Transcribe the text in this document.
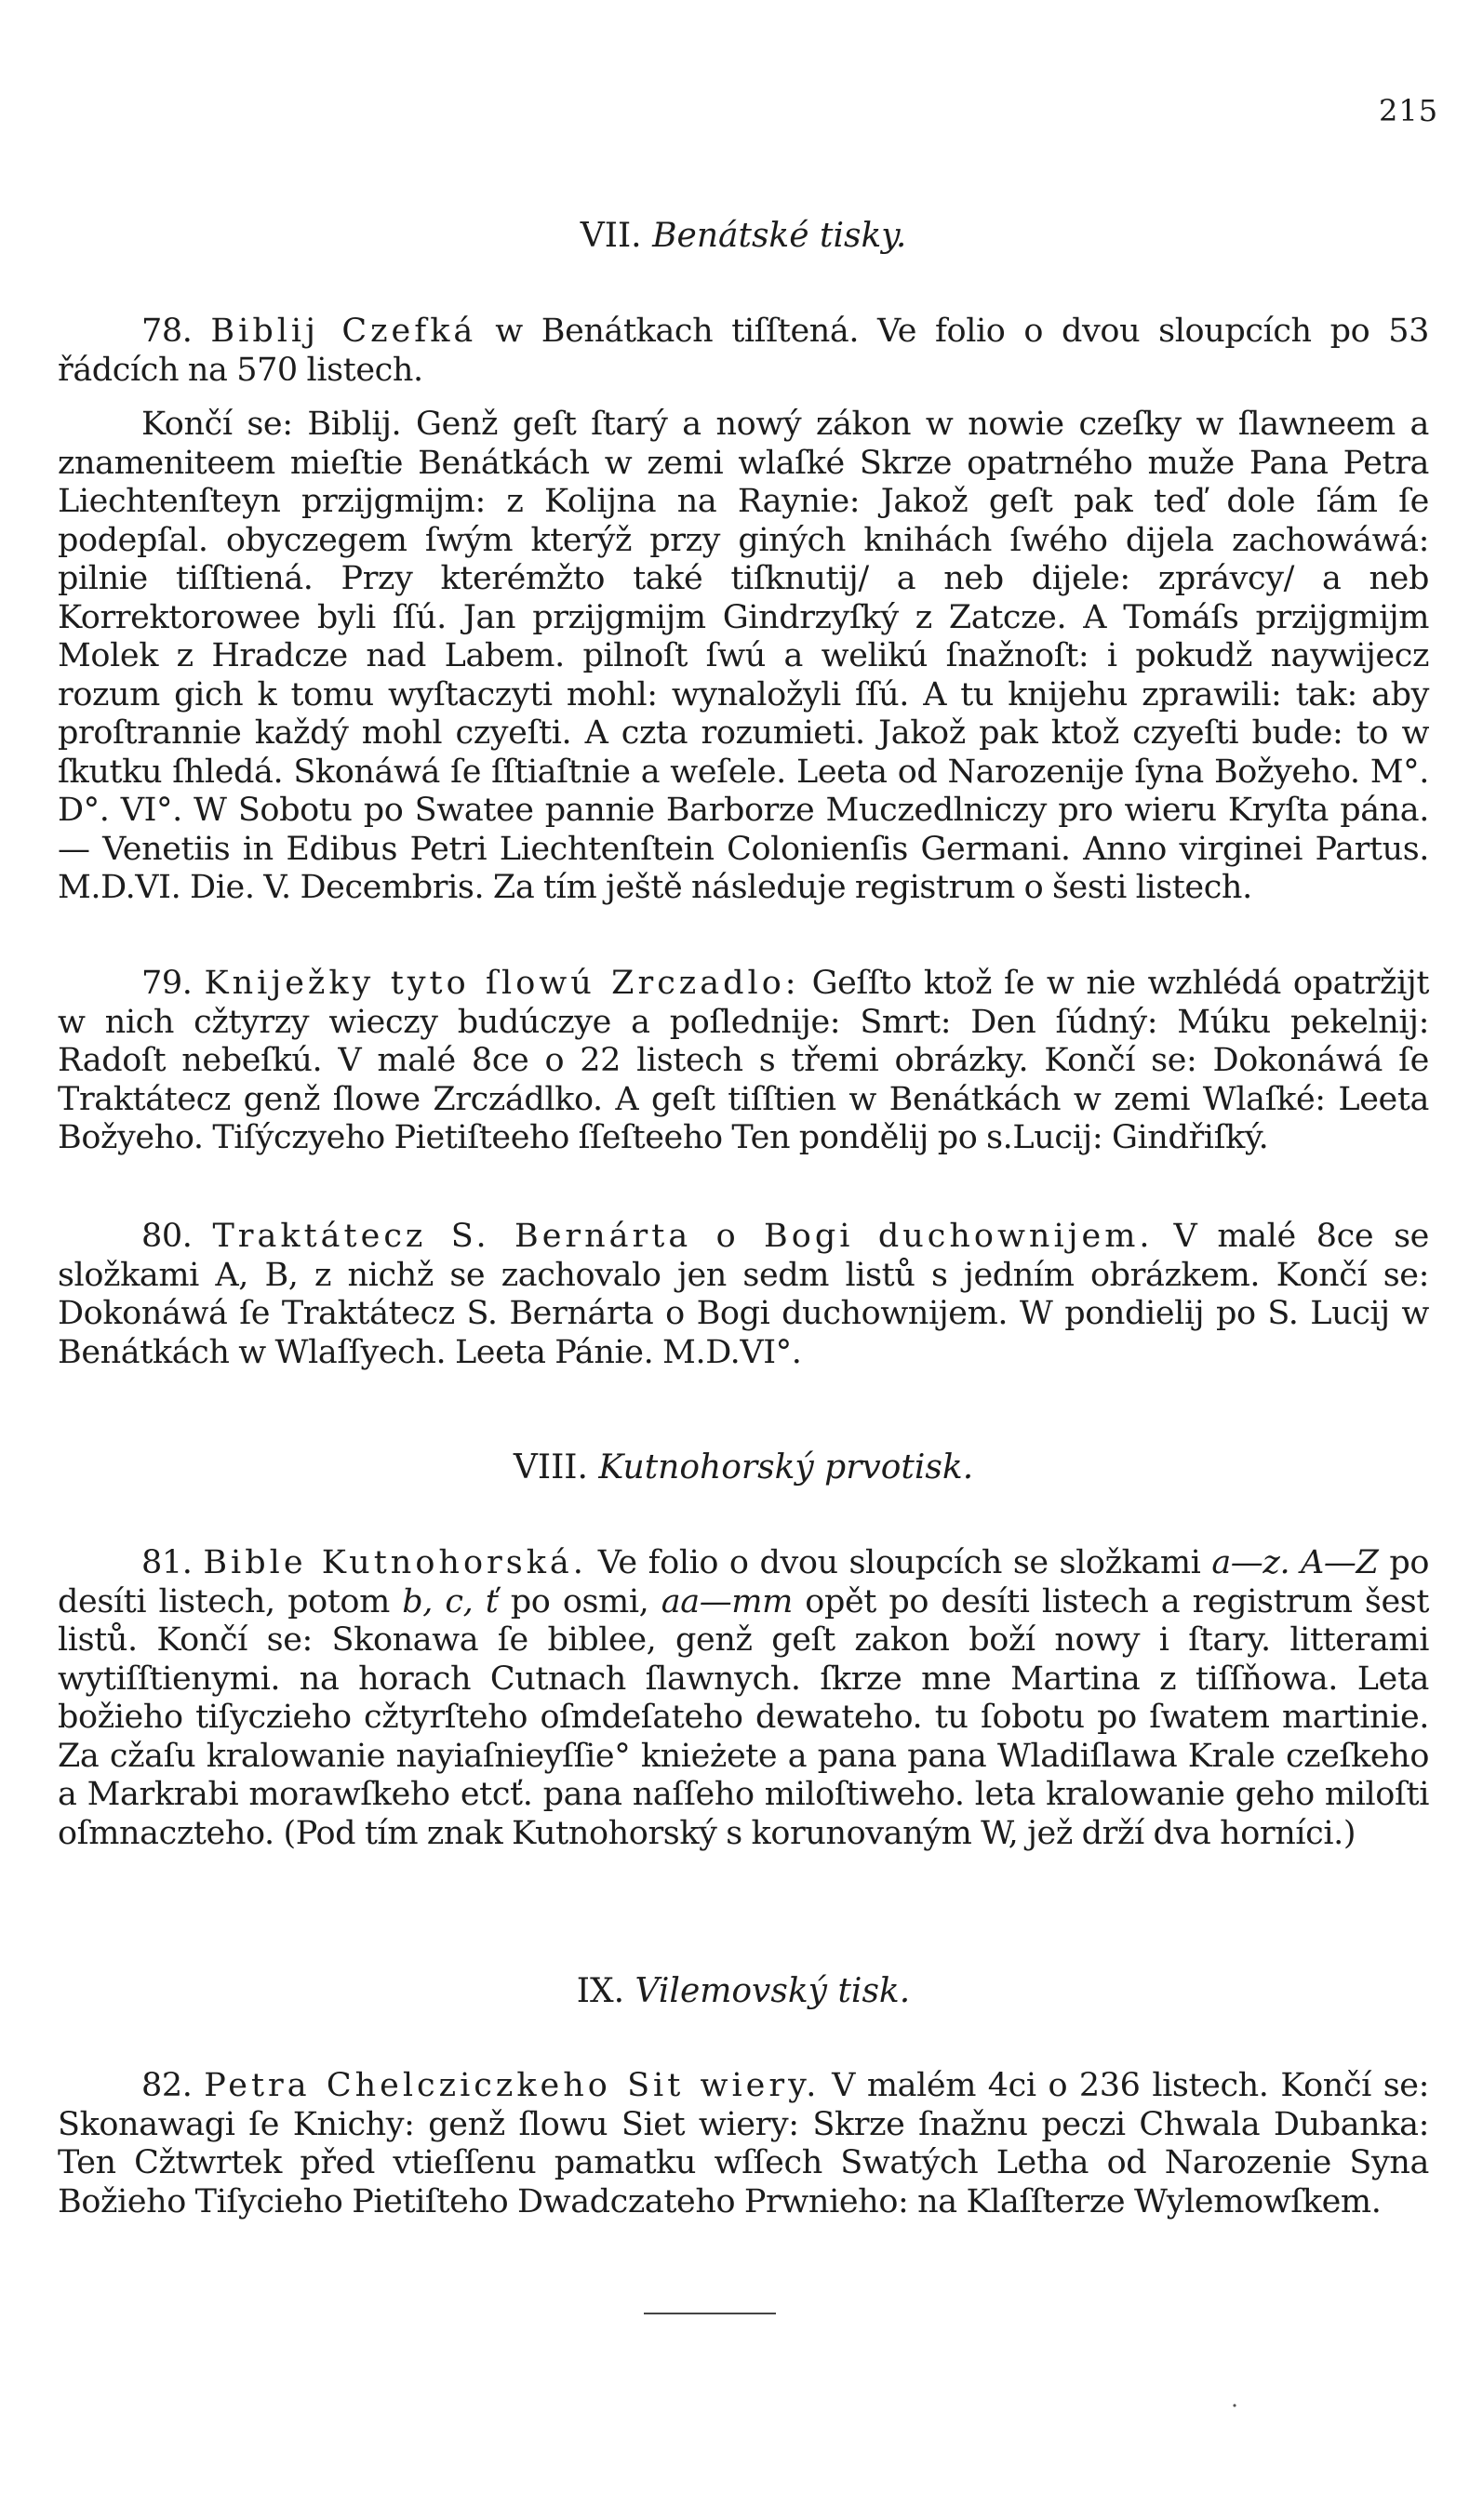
215
VII. Benátské tisky.

78. Biblij Czefká w Benátkach tiſſtená. Ve folio o dvou sloupcích po 53 řádcích na 570 listech.

Končí se: Biblij. Genž geſt ſtarý a nowý zákon w nowie czeſky w ſlawneem a znameniteem mieſtie Benátkách w zemi wlaſké Skrze opatrného muže Pana Petra Liechtenſteyn przijgmijm: z Kolijna na Raynie: Jakož geſt pak teď dole ſám ſe podepſal. obyczegem ſwým kterýž przy giných knihách ſwého dijela zachowáwá: pilnie tiſſtiená. Przy kterémžto také tiſknutij/ a neb dijele: zprávcy/ a neb Korrektorowee byli ſſú. Jan przijgmijm Gindrzyſký z Zatcze. A Tomáſs przijgmijm Molek z Hradcze nad Labem. pilnoſt ſwú a welikú ſnažnoſt: i pokudž naywijecz rozum gich k tomu wyſtaczyti mohl: wynaložyli ſſú. A tu knijehu zprawili: tak: aby proſtrannie každý mohl czyeſti. A czta rozumieti. Jakož pak ktož czyeſti bude: to w ſkutku ſhledá. Skonáwá ſe ſſtiaſtnie a weſele. Leeta od Narozenije ſyna Božyeho. M°. D°. VI°. W Sobotu po Swatee pannie Barborze Muczedlniczy pro wieru Kryſta pána. — Venetiis in Edibus Petri Liechtenſtein Colonienſis Germani. Anno virginei Partus. M.D.VI. Die. V. Decembris. Za tím ještě následuje registrum o šesti listech.

79. Kniježky tyto ſlowú Zrczadlo: Geſſto ktož ſe w nie wzhlédá opatržijt w nich cžtyrzy wieczy budúczye a poſlednije: Smrt: Den ſúdný: Múku pekelnij: Radoſt nebeſkú. V malé 8ce o 22 listech s třemi obrázky. Končí se: Dokonáwá ſe Traktátecz genž ſlowe Zrczádlko. A geſt tiſſtien w Benátkách w zemi Wlaſké: Leeta Božyeho. Tiſýczyeho Pietiſteeho ſſeſteeho Ten pondělij po s.Lucij: Gindřiſký.

80. Traktátecz S. Bernárta o Bogi duchownijem. V malé 8ce se složkami A, B, z nichž se zachovalo jen sedm listů s jedním obrázkem. Končí se: Dokonáwá ſe Traktátecz S. Bernárta o Bogi duchownijem. W pondielij po S. Lucij w Benátkách w Wlaſſyech. Leeta Pánie. M.D.VI°.

VIII. Kutnohorský prvotisk.

81. Bible Kutnohorská. Ve folio o dvou sloupcích se složkami a—z. A—Z po desíti listech, potom b, c, ť po osmi, aa—mm opět po desíti listech a registrum šest listů. Končí se: Skonawa ſe biblee, genž geſt zakon boží nowy i ſtary. litterami wytiſſtienymi. na horach Cutnach ſlawnych. ſkrze mne Martina z tiſſňowa. Leta božieho tiſyczieho cžtyrſteho oſmdeſateho dewateho. tu ſobotu po ſwatem martinie. Za cžaſu kralowanie nayiaſnieyſſie° knieżete a pana pana Wladiſlawa Krale czeſkeho a Markrabi morawſkeho etcť. pana naſſeho miloſtiweho. leta kralowanie geho miloſti oſmnaczteho. (Pod tím znak Kutnohorský s korunovaným W, jež drží dva horníci.)

IX. Vilemovský tisk.

82. Petra Chelcziczkeho Sit wiery. V malém 4ci o 236 listech. Končí se: Skonawagi ſe Knichy: genž ſlowu Siet wiery: Skrze ſnažnu peczi Chwala Dubanka: Ten Cžtwrtek před vtieſſenu pamatku wſſech Swatých Letha od Narozenie Syna Božieho Tiſycieho Pietiſteho Dwadczateho Prwnieho: na Klaſſterze Wylemowſkem.

˙
